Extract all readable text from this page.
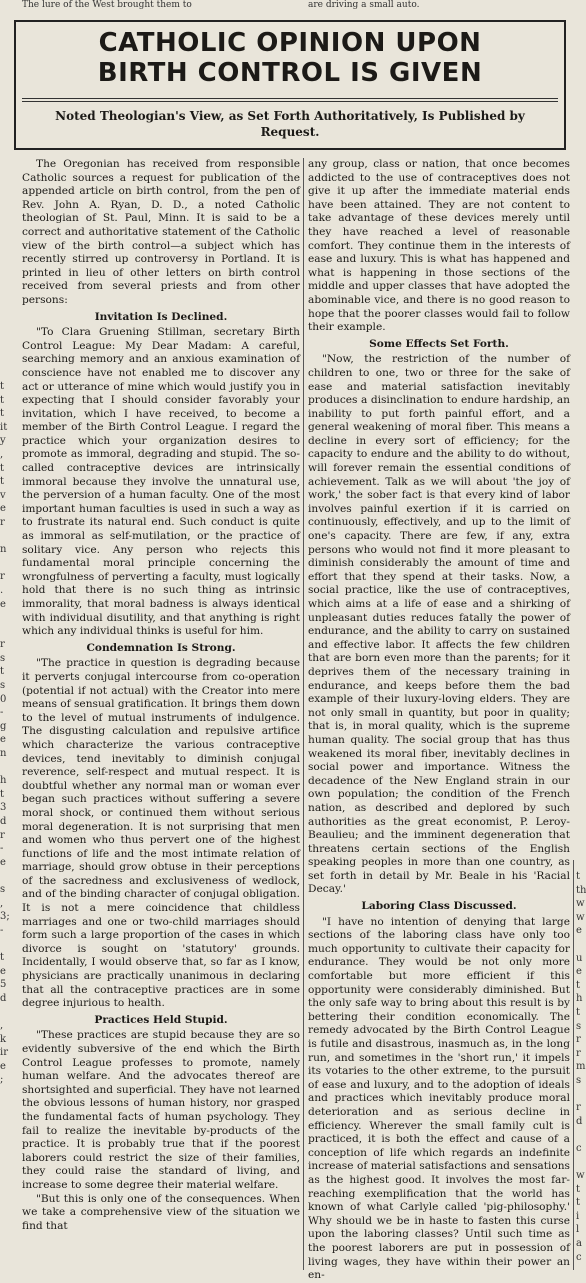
The lure of the West brought them to	are driving a small auto.
CATHOLIC OPINION UPON
BIRTH CONTROL IS GIVEN
Noted Theologian's View, as Set Forth Authoritatively, Is Published by Request.
t
t
t
it
y
,
t
t
v
e
r

n

r
.
e

r
s
t
s
0
-
g
e
n

h
t
3
d
r
-
e

s
,
3;
-

t
e
5
d

,
k
ir
e
;

The Oregonian has received from responsible Catholic sources a request for publication of the appended article on birth control, from the pen of Rev. John A. Ryan, D. D., a noted Catholic theologian of St. Paul, Minn. It is said to be a correct and authoritative statement of the Catholic view of the birth control—a subject which has recently stirred up controversy in Portland. It is printed in lieu of other letters on birth control received from several priests and from other persons:

Invitation Is Declined.

"To Clara Gruening Stillman, secretary Birth Control League: My Dear Madam: A careful, searching memory and an anxious examination of conscience have not enabled me to discover any act or utterance of mine which would justify you in expecting that I should consider favorably your invitation, which I have received, to become a member of the Birth Control League. I regard the practice which your organization desires to promote as immoral, degrading and stupid. The so-called contraceptive devices are intrinsically immoral because they involve the unnatural use, the perversion of a human faculty. One of the most important human faculties is used in such a way as to frustrate its natural end. Such conduct is quite as immoral as self-mutilation, or the practice of solitary vice. Any person who rejects this fundamental moral principle concerning the wrongfulness of perverting a faculty, must logically hold that there is no such thing as intrinsic immorality, that moral badness is always identical with individual disutility, and that anything is right which any individual thinks is useful for him.

Condemnation Is Strong.

"The practice in question is degrading because it perverts conjugal intercourse from co-operation (potential if not actual) with the Creator into mere means of sensual gratification. It brings them down to the level of mutual instruments of indulgence. The disgusting calculation and repulsive artifice which characterize the various contraceptive devices, tend inevitably to diminish conjugal reverence, self-respect and mutual respect. It is doubtful whether any normal man or woman ever began such practices without suffering a severe moral shock, or continued them without serious moral degeneration. It is not surprising that men and women who thus pervert one of the highest functions of life and the most intimate relation of marriage, should grow obtuse in their perceptions of the sacredness and exclusiveness of wedlock, and of the binding character of conjugal obligation. It is not a mere coincidence that childless marriages and one or two-child marriages should form such a large proportion of the cases in which divorce is sought on 'statutory' grounds. Incidentally, I would observe that, so far as I know, physicians are practically unanimous in declaring that all the contraceptive practices are in some degree injurious to health.

Practices Held Stupid.

"These practices are stupid because they are so evidently subversive of the end which the Birth Control League professes to promote, namely human welfare. And the advocates thereof are shortsighted and superficial. They have not learned the obvious lessons of human history, nor grasped the fundamental facts of human psychology. They fail to realize the inevitable by-products of the practice. It is probably true that if the poorest laborers could restrict the size of their families, they could raise the standard of living, and increase to some degree their material welfare.

"But this is only one of the consequences. When we take a comprehensive view of the situation we find that

any group, class or nation, that once becomes addicted to the use of contraceptives does not give it up after the immediate material ends have been attained. They are not content to take advantage of these devices merely until they have reached a level of reasonable comfort. They continue them in the interests of ease and luxury. This is what has happened and what is happening in those sections of the middle and upper classes that have adopted the abominable vice, and there is no good reason to hope that the poorer classes would fail to follow their example.

Some Effects Set Forth.

"Now, the restriction of the number of children to one, two or three for the sake of ease and material satisfaction inevitably produces a disinclination to endure hardship, an inability to put forth painful effort, and a general weakening of moral fiber. This means a decline in every sort of efficiency; for the capacity to endure and the ability to do without, will forever remain the essential conditions of achievement. Talk as we will about 'the joy of work,' the sober fact is that every kind of labor involves painful exertion if it is carried on continuously, effectively, and up to the limit of one's capacity. There are few, if any, extra persons who would not find it more pleasant to diminish considerably the amount of time and effort that they spend at their tasks. Now, a social practice, like the use of contraceptives, which aims at a life of ease and a shirking of unpleasant duties reduces fatally the power of endurance, and the ability to carry on sustained and effective labor. It affects the few children that are born even more than the parents; for it deprives them of the necessary training in endurance, and keeps before them the bad example of their luxury-loving elders. They are not only small in quantity, but poor in quality; that is, in moral quality, which is the supreme human quality. The social group that has thus weakened its moral fiber, inevitably declines in social power and importance. Witness the decadence of the New England strain in our own population; the condition of the French nation, as described and deplored by such authorities as the great economist, P. Leroy-Beaulieu; and the imminent degeneration that threatens certain sections of the English speaking peoples in more than one country, as set forth in detail by Mr. Beale in his 'Racial Decay.'

Laboring Class Discussed.

"I have no intention of denying that large sections of the laboring class have only too much opportunity to cultivate their capacity for endurance. They would be not only more comfortable but more efficient if this opportunity were considerably diminished. But the only safe way to bring about this result is by bettering their condition economically. The remedy advocated by the Birth Control League is futile and disastrous, inasmuch as, in the long run, and sometimes in the 'short run,' it impels its votaries to the other extreme, to the pursuit of ease and luxury, and to the adoption of ideals and practices which inevitably produce moral deterioration and as serious decline in efficiency. Wherever the small family cult is practiced, it is both the effect and cause of a conception of life which regards an indefinite increase of material satisfactions and sensations as the highest good. It involves the most far-reaching exemplification that the world has known of what Carlyle called 'pig-philosophy.' Why should we be in haste to fasten this curse upon the laboring classes? Until such time as the poorest laborers are put in possession of living wages, they have within their power an en-

t
th
w
w
e

u
e
t
h
t
s
r
r
m
s

r
d

c

w
t
t
i
l
a
c
